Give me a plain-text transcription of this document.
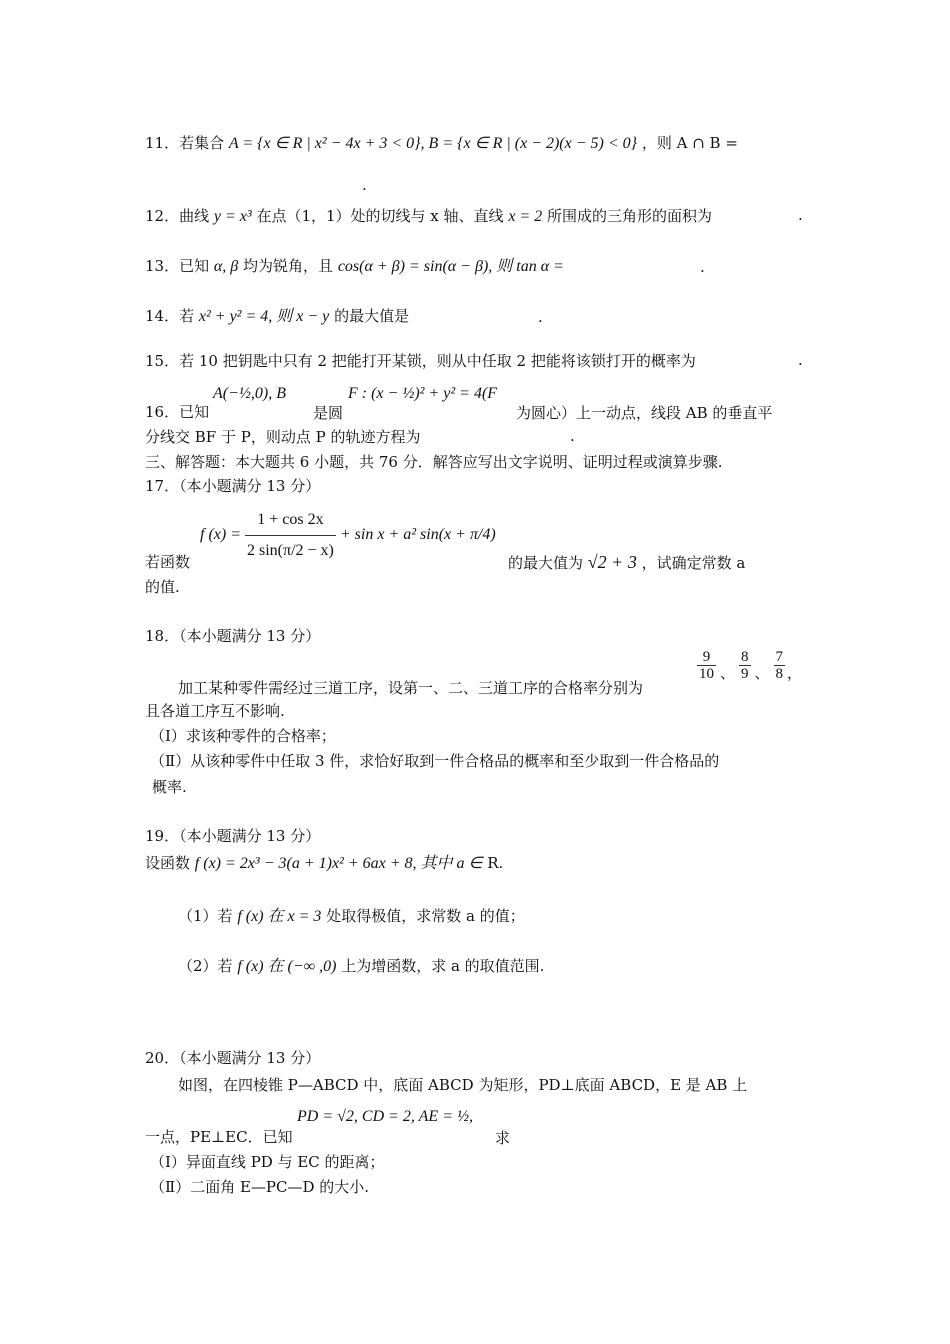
11．若集合 A = {x ∈ R | x² − 4x + 3 < 0}, B = {x ∈ R | (x − 2)(x − 5) < 0} ，则 A ∩ B =
.
12．曲线 y = x³ 在点（1，1）处的切线与 x 轴、直线 x = 2 所围成的三角形的面积为	.
13．已知 α, β 均为锐角，且 cos(α + β) = sin(α − β), 则 tan α =	.
14．若 x² + y² = 4, 则 x − y 的最大值是	.
15．若 10 把钥匙中只有 2 把能打开某锁，则从中任取 2 把能将该锁打开的概率为	.
16．已知
A(−½,0), B
是圆
F : (x − ½)² + y² = 4(F
为圆心）上一动点，线段 AB 的垂直平
分线交 BF 于 P，则动点 P 的轨迹方程为	.
三、解答题：本大题共 6 小题，共 76 分．解答应写出文字说明、证明过程或演算步骤.
17．（本小题满分 13 分）
f $(x) = \frac{1 + \cos 2x}{2 \sin(\pi/2 - x)} + \sin x + a^2$ sin(x + π/4)
若函数	的最大值为 √2 + 3 ，试确定常数 a
的值.
18．（本小题满分 13 分）
加工某种零件需经过三道工序，设第一、二、三道工序的合格率分别为
$\frac{9}{10}$ 、 $\frac{8}{9}$ 、 $\frac{7}{8}$ ，
且各道工序互不影响.
（Ⅰ）求该种零件的合格率；
（Ⅱ）从该种零件中任取 3 件，求恰好取到一件合格品的概率和至少取到一件合格品的
概率.
19．（本小题满分 13 分）
设函数 f (x) = 2x³ − 3(a + 1)x² + 6ax + 8, 其中 a ∈ R.
（1）若 f (x) 在 x = 3 处取得极值，求常数 a 的值；
（2）若 f (x) 在 (−∞ ,0) 上为增函数，求 a 的取值范围.
20．（本小题满分 13 分）
如图，在四棱锥 P—ABCD 中，底面 ABCD 为矩形，PD⊥底面 ABCD，E 是 AB 上
PD = √2, CD = 2, AE = ½,
一点，PE⊥EC．已知	求
（Ⅰ）异面直线 PD 与 EC 的距离；
（Ⅱ）二面角 E—PC—D 的大小.
